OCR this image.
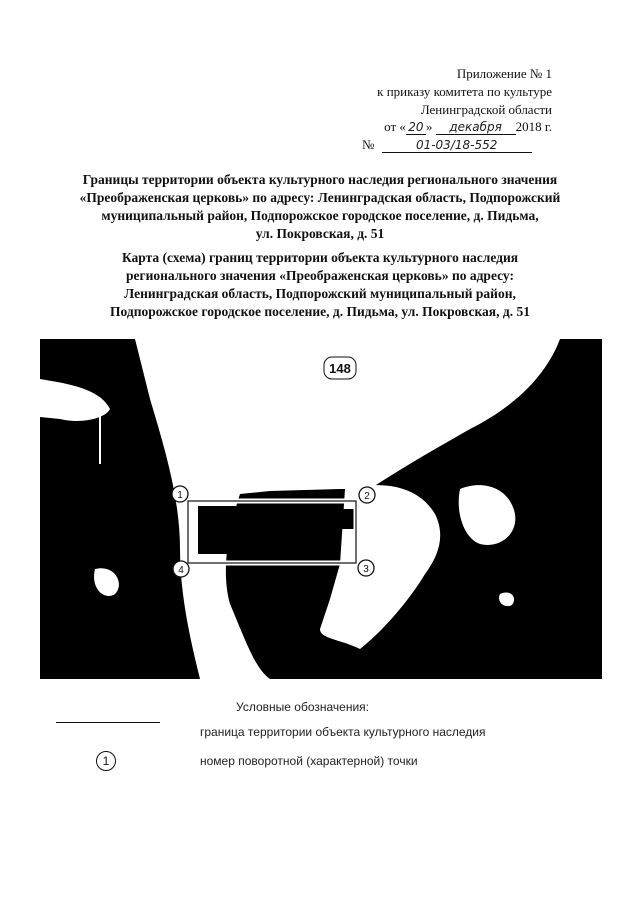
Приложение № 1
к приказу комитета по культуре
Ленинградской области
от « 20 » декабря 2018 г.
№	01-03/18-552
Границы территории объекта культурного наследия регионального значения
«Преображенская церковь» по адресу: Ленинградская область, Подпорожский
муниципальный район, Подпорожское городское поселение, д. Пидьма,
ул. Покровская, д. 51
Карта (схема) границ территории объекта культурного наследия
регионального значения «Преображенская церковь» по адресу:
Ленинградская область, Подпорожский муниципальный район,
Подпорожское городское поселение, д. Пидьма, ул. Покровская, д. 51
148
1	2
3
4
Условные обозначения:
граница территории объекта культурного наследия
1	номер поворотной (характерной) точки
